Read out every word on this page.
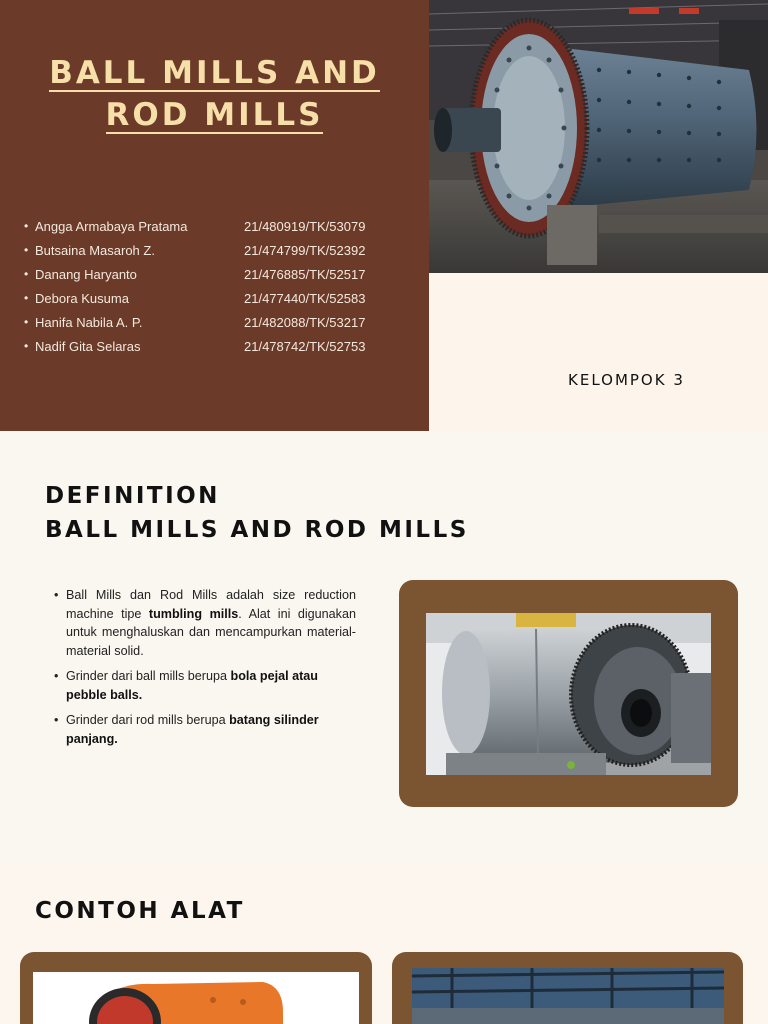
BALL MILLS AND
ROD MILLS
• Angga Armabaya Pratama	21/480919/TK/53079
• Butsaina Masaroh Z.	21/474799/TK/52392
• Danang Haryanto	21/476885/TK/52517
• Debora Kusuma	21/477440/TK/52583
• Hanifa Nabila A. P.	21/482088/TK/53217
• Nadif Gita Selaras	21/478742/TK/52753
KELOMPOK 3
DEFINITION
BALL MILLS AND ROD MILLS
• Ball Mills dan Rod Mills adalah size reduction machine tipe tumbling mills. Alat ini digunakan untuk menghaluskan dan mencampurkan material-material solid.
• Grinder dari ball mills berupa bola pejal atau pebble balls.
• Grinder dari rod mills berupa batang silinder panjang.
CONTOH ALAT
